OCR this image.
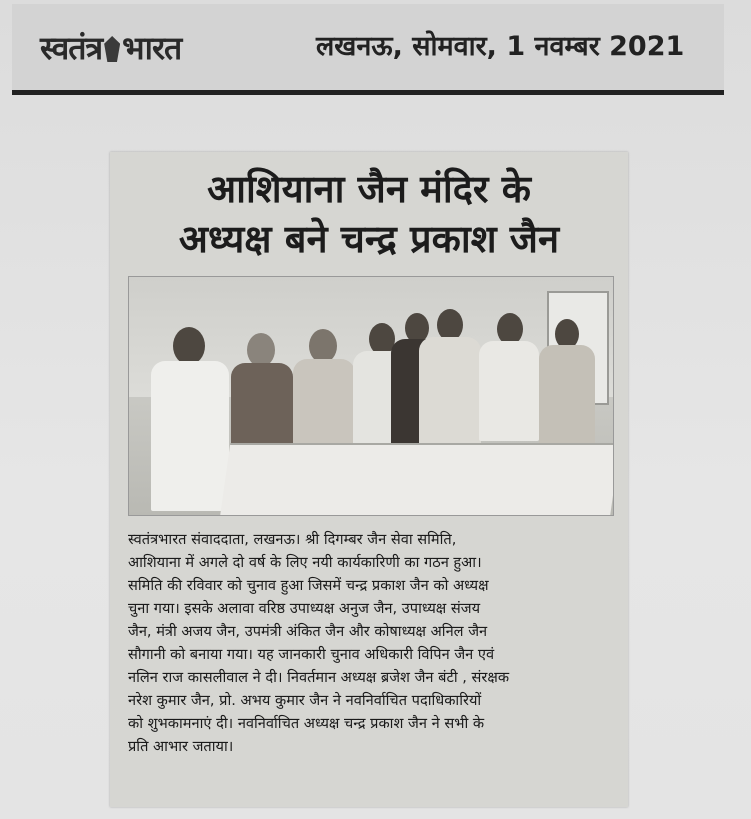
स्वतंत्र भारत	लखनऊ, सोमवार, 1 नवम्बर 2021
आशियाना जैन मंदिर के
अध्यक्ष बने चन्द्र प्रकाश जैन
स्वतंत्रभारत संवाददाता, लखनऊ। श्री दिगम्बर जैन सेवा समिति,
आशियाना में अगले दो वर्ष के लिए नयी कार्यकारिणी का गठन हुआ।
समिति की रविवार को चुनाव हुआ जिसमें चन्द्र प्रकाश जैन को अध्यक्ष
चुना गया। इसके अलावा वरिष्ठ उपाध्यक्ष अनुज जैन, उपाध्यक्ष संजय
जैन, मंत्री अजय जैन, उपमंत्री अंकित जैन और कोषाध्यक्ष अनिल जैन
सौगानी को बनाया गया। यह जानकारी चुनाव अधिकारी विपिन जैन एवं
नलिन राज कासलीवाल ने दी। निवर्तमान अध्यक्ष ब्रजेश जैन बंटी , संरक्षक
नरेश कुमार जैन, प्रो. अभय कुमार जैन ने नवनिर्वाचित पदाधिकारियों
को शुभकामनाएं दी। नवनिर्वाचित अध्यक्ष चन्द्र प्रकाश जैन ने सभी के
प्रति आभार जताया।
